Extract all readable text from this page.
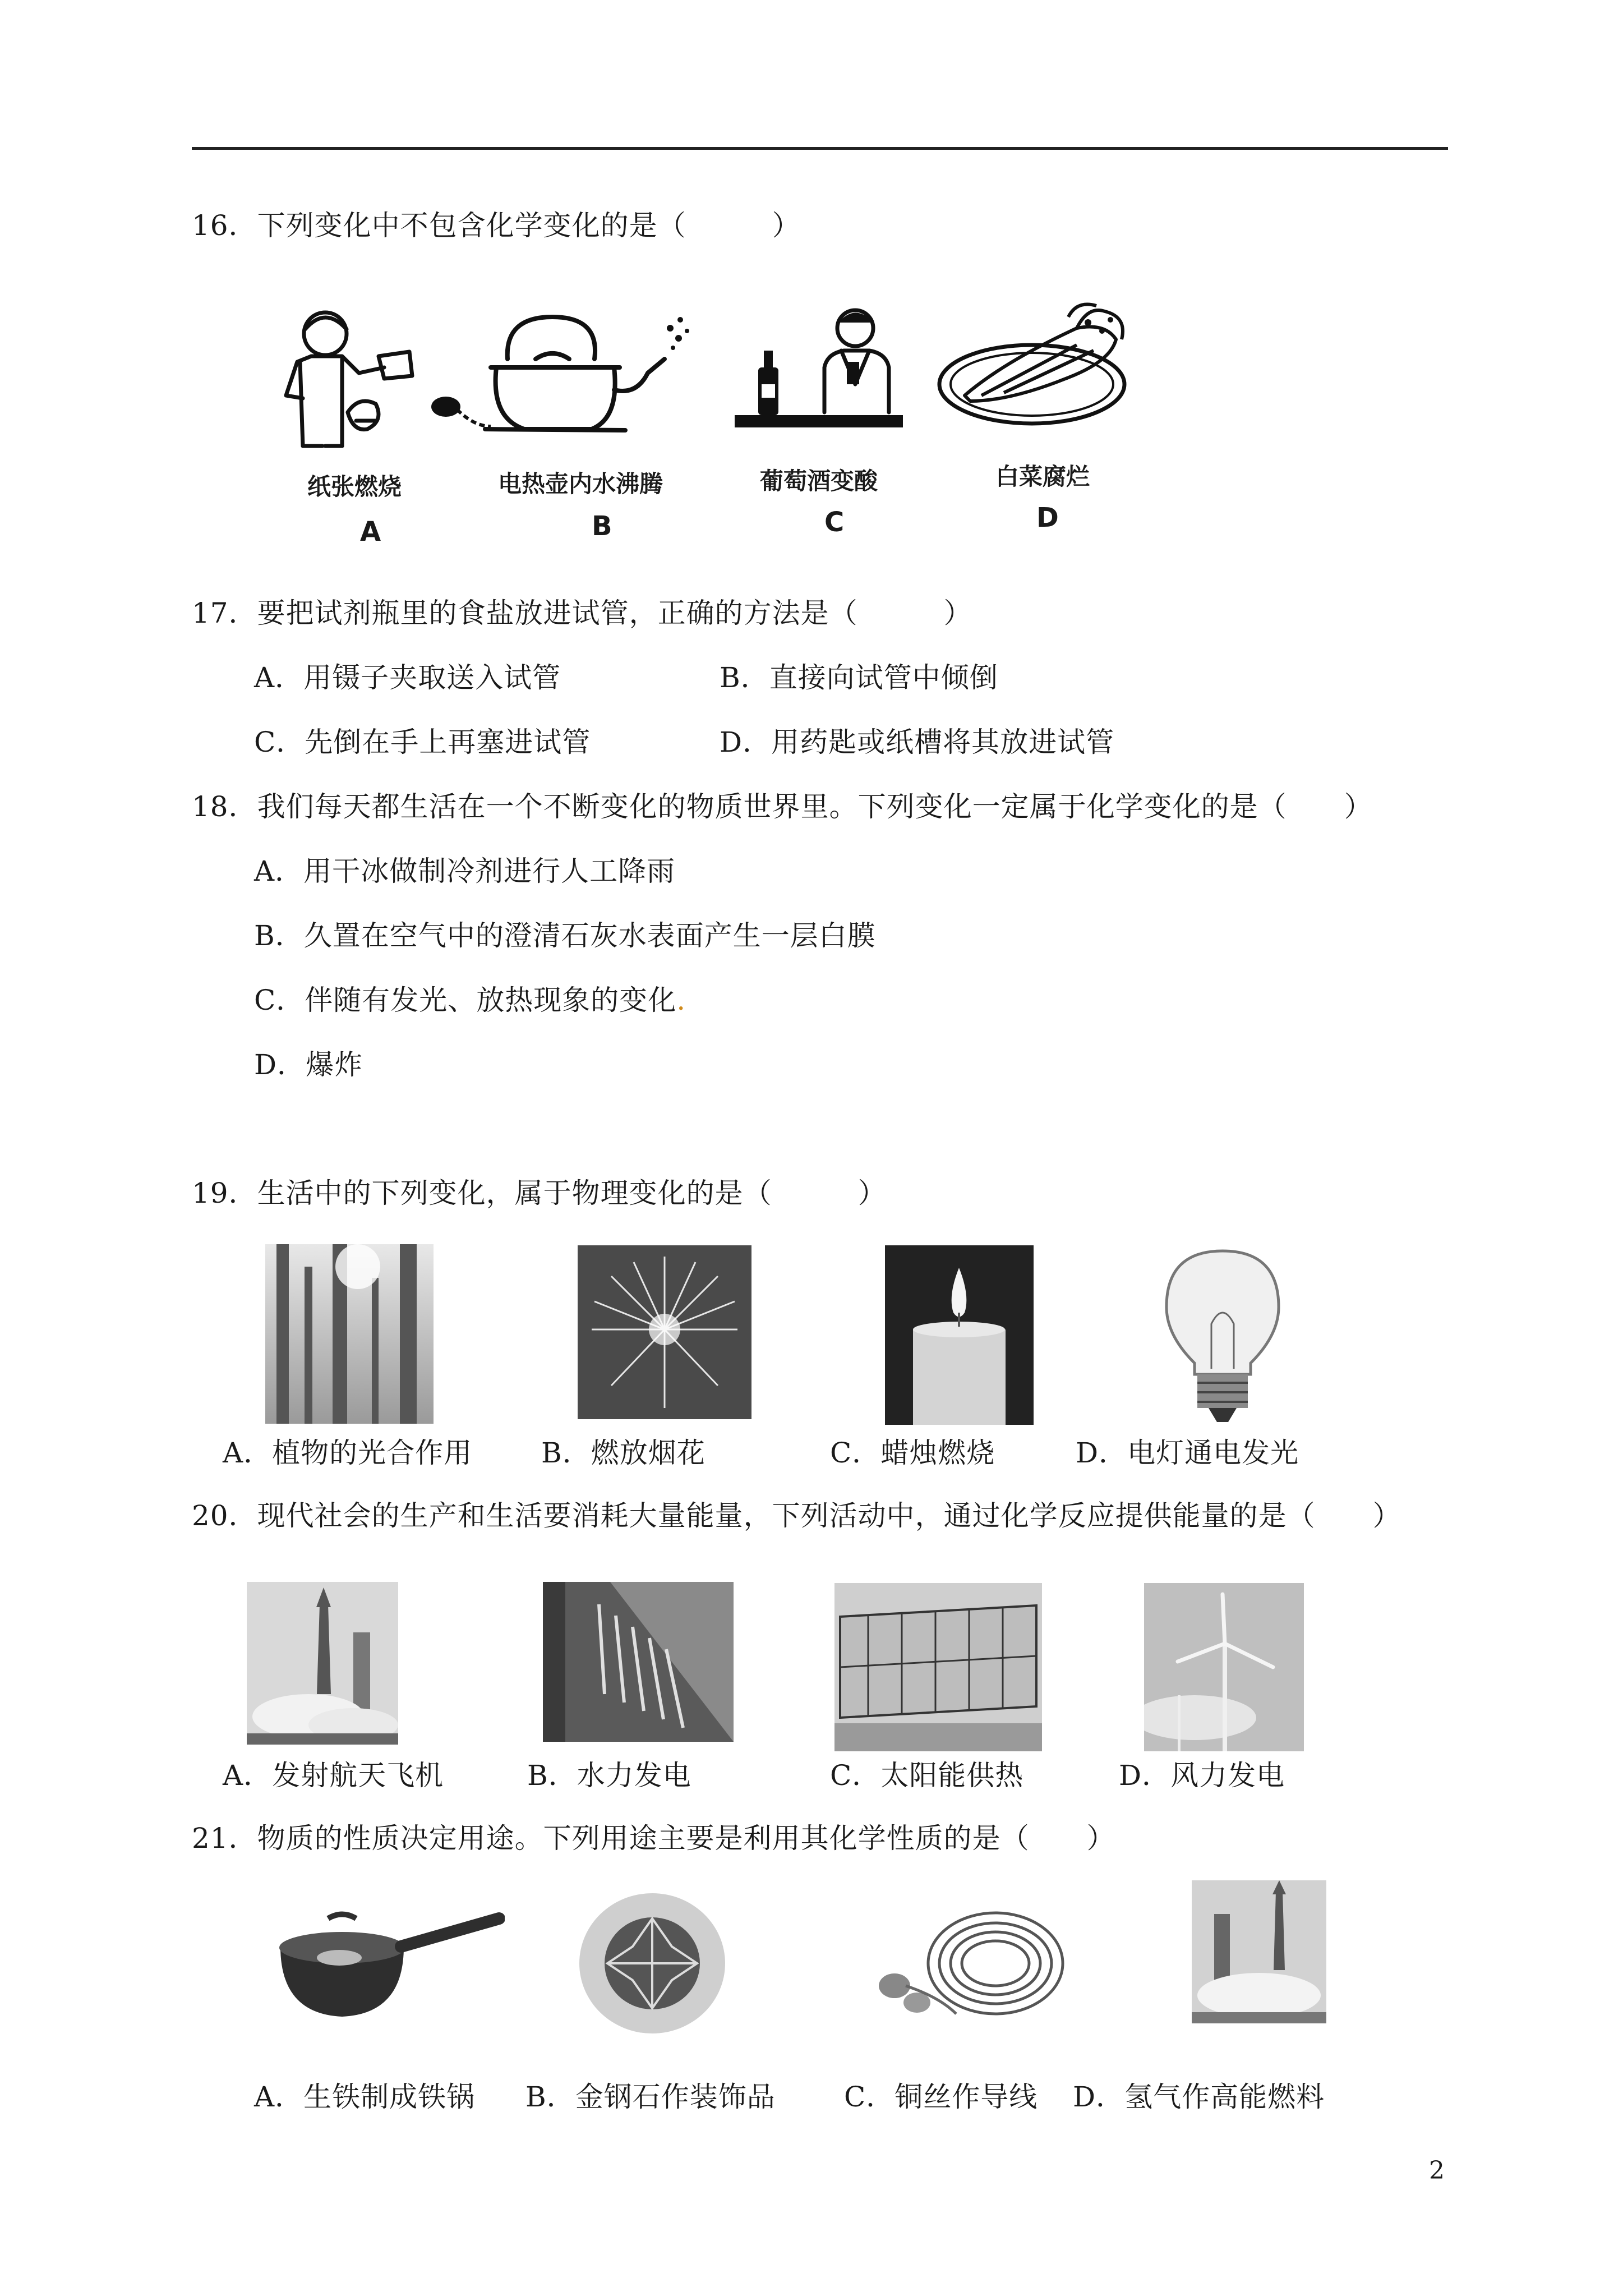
16．下列变化中不包含化学变化的是（　　　）
纸张燃烧	电热壶内水沸腾	葡萄酒变酸	白菜腐烂
A	B	C	D
17．要把试剂瓶里的食盐放进试管，正确的方法是（　　　）
A．用镊子夹取送入试管	B．直接向试管中倾倒
C．先倒在手上再塞进试管	D．用药匙或纸槽将其放进试管
18．我们每天都生活在一个不断变化的物质世界里。下列变化一定属于化学变化的是（　　）
A．用干冰做制冷剂进行人工降雨
B．久置在空气中的澄清石灰水表面产生一层白膜
C．伴随有发光、放热现象的变化.
D．爆炸
19．生活中的下列变化，属于物理变化的是（　　　）
A．植物的光合作用 B．燃放烟花	C．蜡烛燃烧	D．电灯通电发光
20．现代社会的生产和生活要消耗大量能量，下列活动中，通过化学反应提供能量的是（　　）
A．发射航天飞机	B．水力发电	C．太阳能供热	D．风力发电
21．物质的性质决定用途。下列用途主要是利用其化学性质的是（　　）
A．生铁制成铁锅 B．金钢石作装饰品 C．铜丝作导线 D．氢气作高能燃料
2
